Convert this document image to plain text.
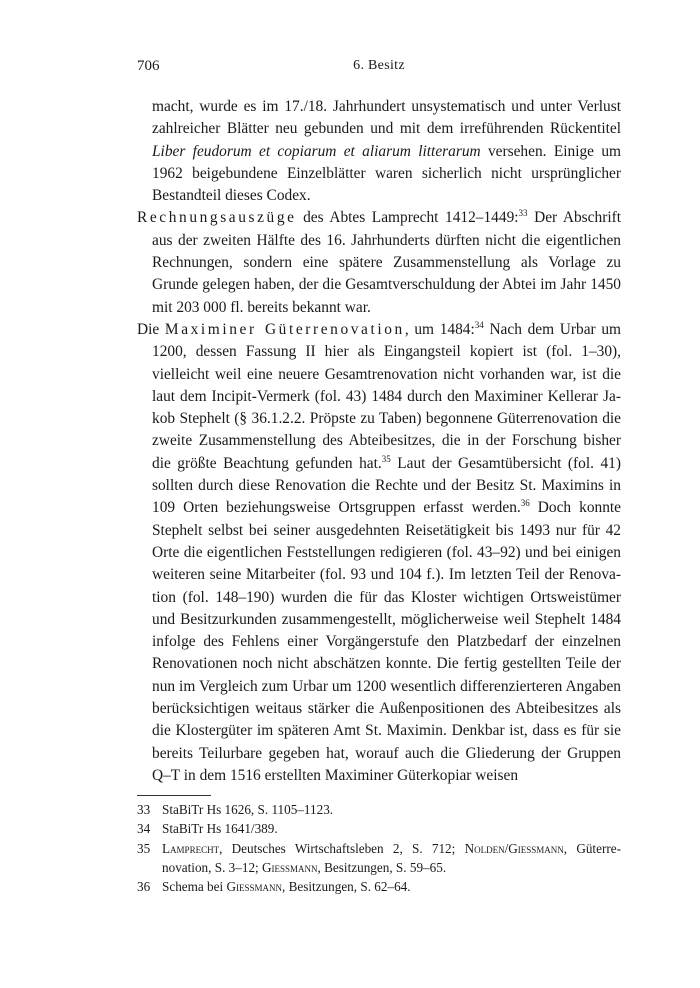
706	6. Besitz

macht, wurde es im 17./18. Jahrhundert unsystematisch und unter Verlust zahlreicher Blätter neu gebunden und mit dem irreführenden Rückentitel Liber feudorum et copiarum et aliarum litterarum versehen. Einige um 1962 beigebundene Einzelblätter waren sicherlich nicht ursprünglicher Bestandteil dieses Codex.

Rechnungsauszüge des Abtes Lamprecht 1412–1449:$^{33}$ Der Abschrift aus der zweiten Hälfte des 16. Jahrhunderts dürften nicht die eigentlichen Rechnungen, sondern eine spätere Zusammenstellung als Vorlage zu Grunde gelegen haben, der die Gesamtverschuldung der Abtei im Jahr 1450 mit 203 000 fl. bereits bekannt war.

Die Maximiner Güterrenovation, um 1484:$^{34}$ Nach dem Urbar um 1200, dessen Fassung II hier als Eingangsteil kopiert ist (fol. 1–30), vielleicht weil eine neuere Gesamtrenovation nicht vorhanden war, ist die laut dem Incipit-Vermerk (fol. 43) 1484 durch den Maximiner Kellerar Jakob Stephelt (§ 36.1.2.2. Pröpste zu Taben) begonnene Güterrenovation die zweite Zusammenstellung des Abteibesitzes, die in der Forschung bisher die größte Beachtung gefunden hat.$^{35}$ Laut der Gesamtübersicht (fol. 41) sollten durch diese Renovation die Rechte und der Besitz St. Maximins in 109 Orten beziehungsweise Ortsgruppen erfasst werden.$^{36}$ Doch konnte Stephelt selbst bei seiner ausgedehnten Reisetätigkeit bis 1493 nur für 42 Orte die eigentlichen Feststellungen redigieren (fol. 43–92) und bei einigen weiteren seine Mitarbeiter (fol. 93 und 104 f.). Im letzten Teil der Renovation (fol. 148–190) wurden die für das Kloster wichtigen Ortsweistümer und Besitzurkunden zusammengestellt, möglicherweise weil Stephelt 1484 infolge des Fehlens einer Vorgängerstufe den Platzbedarf der einzelnen Renovationen noch nicht abschätzen konnte. Die fertig gestellten Teile der nun im Vergleich zum Urbar um 1200 wesentlich differenzierteren Angaben berücksichtigen weitaus stärker die Außenpositionen des Abteibesitzes als die Klostergüter im späteren Amt St. Maximin. Denkbar ist, dass es für sie bereits Teilurbare gegeben hat, worauf auch die Gliederung der Gruppen Q–T in dem 1516 erstellten Maximiner Güterkopiar weisen

33 StaBiTr Hs 1626, S. 1105–1123.
34 StaBiTr Hs 1641/389.
35 Lamprecht, Deutsches Wirtschaftsleben 2, S. 712; Nolden/Giessmann, Güterrenovation, S. 3–12; Giessmann, Besitzungen, S. 59–65.
36 Schema bei Giessmann, Besitzungen, S. 62–64.
